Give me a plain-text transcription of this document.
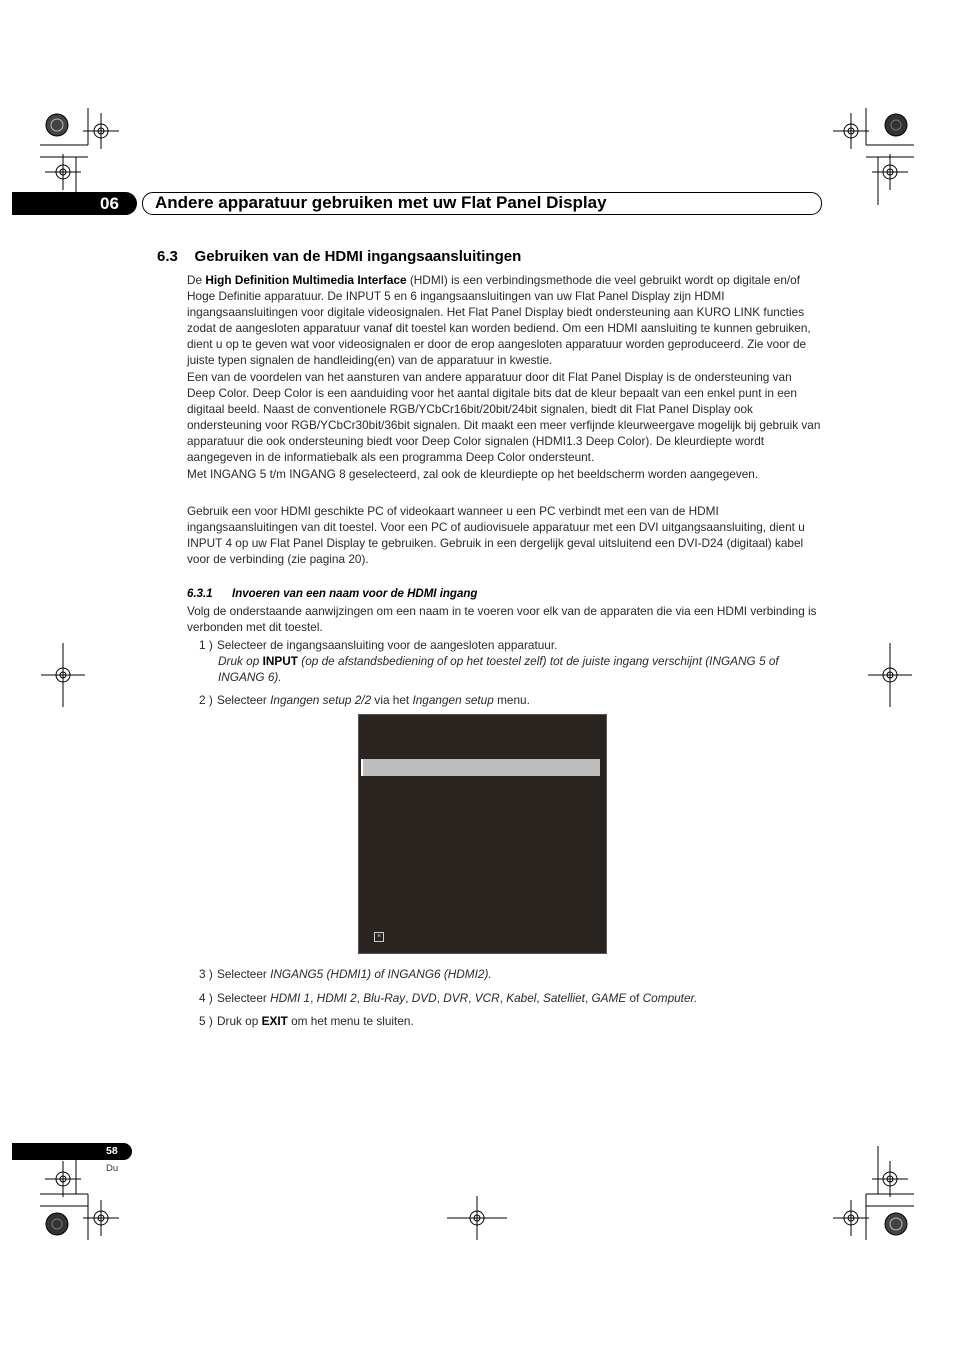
06 Andere apparatuur gebruiken met uw Flat Panel Display
6.3 Gebruiken van de HDMI ingangsaansluitingen
De High Definition Multimedia Interface (HDMI) is een verbindingsmethode die veel gebruikt wordt op digitale en/of Hoge Definitie apparatuur. De INPUT 5 en 6 ingangsaansluitingen van uw Flat Panel Display zijn HDMI ingangsaansluitingen voor digitale videosignalen. Het Flat Panel Display biedt ondersteuning aan KURO LINK functies zodat de aangesloten apparatuur vanaf dit toestel kan worden bediend. Om een HDMI aansluiting te kunnen gebruiken, dient u op te geven wat voor videosignalen er door de erop aangesloten apparatuur worden geproduceerd. Zie voor de juiste typen signalen de handleiding(en) van de apparatuur in kwestie.
Een van de voordelen van het aansturen van andere apparatuur door dit Flat Panel Display is de ondersteuning van Deep Color. Deep Color is een aanduiding voor het aantal digitale bits dat de kleur bepaalt van een enkel punt in een digitaal beeld. Naast de conventionele RGB/YCbCr16bit/20bit/24bit signalen, biedt dit Flat Panel Display ook ondersteuning voor RGB/YCbCr30bit/36bit signalen. Dit maakt een meer verfijnde kleurweergave mogelijk bij gebruik van apparatuur die ook ondersteuning biedt voor Deep Color signalen (HDMI1.3 Deep Color). De kleurdiepte wordt aangegeven in de informatiebalk als een programma Deep Color ondersteunt.
Met INGANG 5 t/m INGANG 8 geselecteerd, zal ook de kleurdiepte op het beeldscherm worden aangegeven.
Gebruik een voor HDMI geschikte PC of videokaart wanneer u een PC verbindt met een van de HDMI ingangsaansluitingen van dit toestel. Voor een PC of audiovisuele apparatuur met een DVI uitgangsaansluiting, dient u INPUT 4 op uw Flat Panel Display te gebruiken. Gebruik in een dergelijk geval uitsluitend een DVI-D24 (digitaal) kabel voor de verbinding (zie pagina 20).
6.3.1 Invoeren van een naam voor de HDMI ingang
Volg de onderstaande aanwijzingen om een naam in te voeren voor elk van de apparaten die via een HDMI verbinding is verbonden met dit toestel.
1 ) Selecteer de ingangsaansluiting voor de aangesloten apparatuur.
Druk op INPUT (op de afstandsbediening of op het toestel zelf) tot de juiste ingang verschijnt (INGANG 5 of INGANG 6).
2 ) Selecteer Ingangen setup 2/2 via het Ingangen setup menu.
×
3 ) Selecteer INGANG5 (HDMI1) of INGANG6 (HDMI2).
4 ) Selecteer HDMI 1, HDMI 2, Blu-Ray, DVD, DVR, VCR, Kabel, Satelliet, GAME of Computer.
5 ) Druk op EXIT om het menu te sluiten.
58
Du
